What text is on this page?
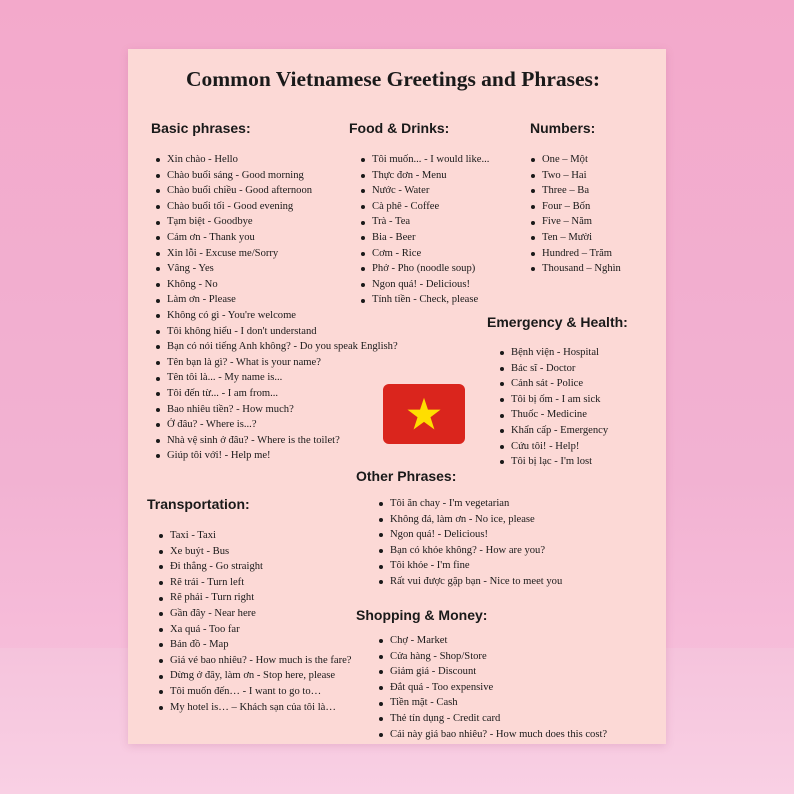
Common Vietnamese Greetings and Phrases:
Basic phrases:
Xin chào - Hello
Chào buổi sáng - Good morning
Chào buổi chiều - Good afternoon
Chào buổi tối - Good evening
Tạm biệt - Goodbye
Cảm ơn - Thank you
Xin lỗi - Excuse me/Sorry
Vâng - Yes
Không - No
Làm ơn - Please
Không có gì - You're welcome
Tôi không hiểu - I don't understand
Bạn có nói tiếng Anh không? - Do you speak English?
Tên bạn là gì? - What is your name?
Tên tôi là... - My name is...
Tôi đến từ... - I am from...
Bao nhiêu tiền? - How much?
Ở đâu? - Where is...?
Nhà vệ sinh ở đâu? - Where is the toilet?
Giúp tôi với! - Help me!
Food & Drinks:
Tôi muốn... - I would like...
Thực đơn - Menu
Nước - Water
Cà phê - Coffee
Trà - Tea
Bia - Beer
Cơm - Rice
Phở - Pho (noodle soup)
Ngon quá! - Delicious!
Tính tiền - Check, please
Numbers:
One – Một
Two – Hai
Three – Ba
Four – Bốn
Five – Năm
Ten – Mười
Hundred – Trăm
Thousand – Nghìn
Emergency & Health:
Bệnh viện - Hospital
Bác sĩ - Doctor
Cảnh sát - Police
Tôi bị ốm - I am sick
Thuốc - Medicine
Khẩn cấp - Emergency
Cứu tôi! - Help!
Tôi bị lạc - I'm lost
Other Phrases:
Tôi ăn chay - I'm vegetarian
Không đá, làm ơn - No ice, please
Ngon quá! - Delicious!
Bạn có khỏe không? - How are you?
Tôi khỏe - I'm fine
Rất vui được gặp bạn - Nice to meet you
Transportation:
Taxi - Taxi
Xe buýt - Bus
Đi thẳng - Go straight
Rẽ trái - Turn left
Rẽ phải - Turn right
Gần đây - Near here
Xa quá - Too far
Bản đồ - Map
Giá vé bao nhiêu? - How much is the fare?
Dừng ở đây, làm ơn - Stop here, please
Tôi muốn đến… - I want to go to…
My hotel is… – Khách sạn của tôi là…
Shopping & Money:
Chợ - Market
Cửa hàng - Shop/Store
Giảm giá - Discount
Đắt quá - Too expensive
Tiền mặt - Cash
Thẻ tín dụng - Credit card
Cái này giá bao nhiêu? - How much does this cost?
